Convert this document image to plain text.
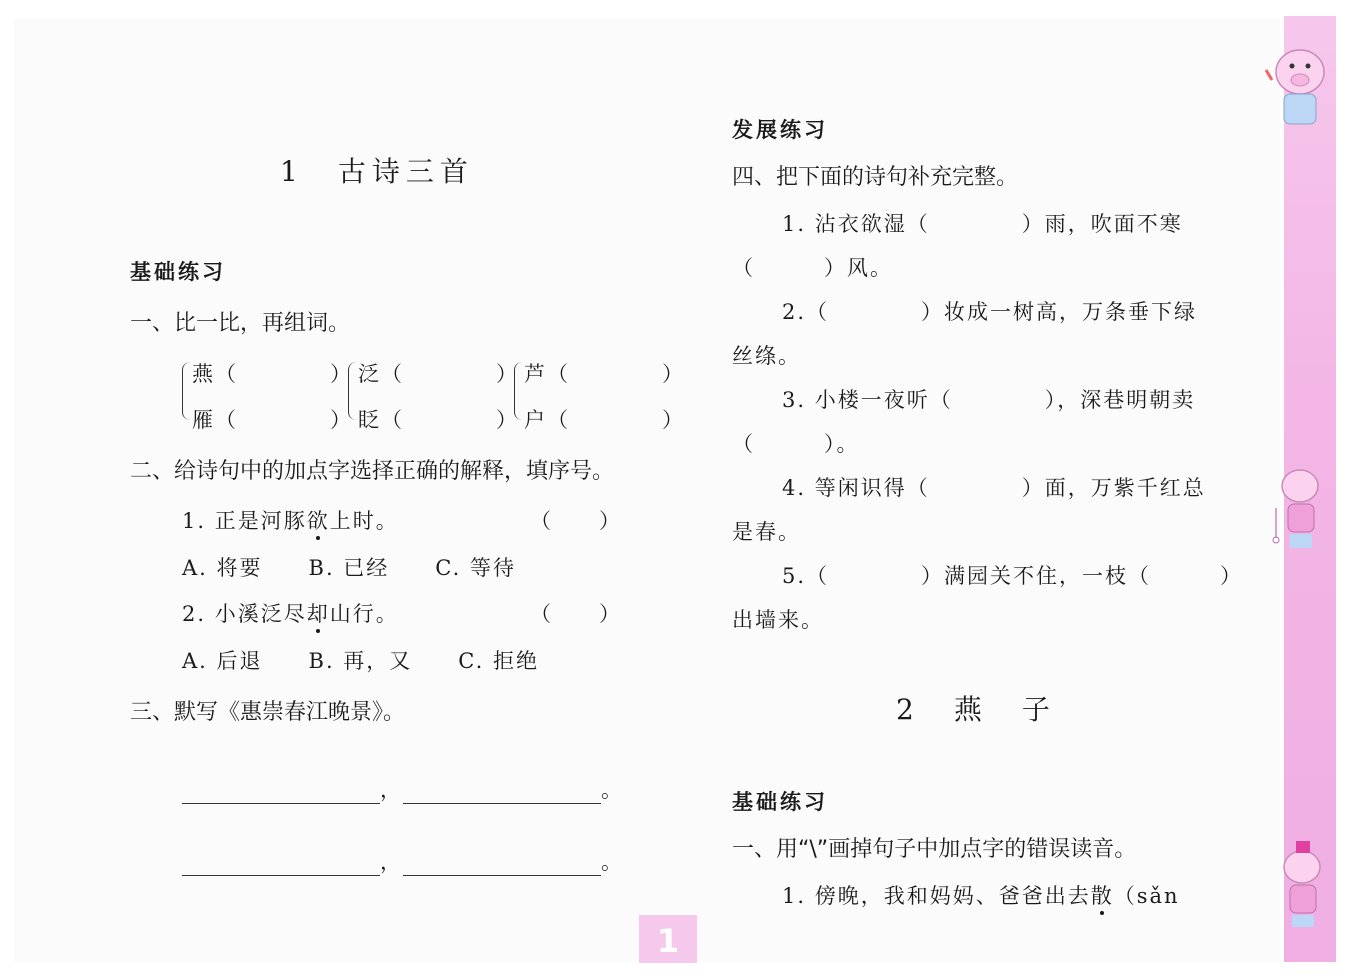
1　古诗三首
基础练习
一、比一比，再组词。
燕（　　　　）
雁（　　　　）
泛（　　　　）
眨（　　　　）
芦（　　　　）
户（　　　　）
二、给诗句中的加点字选择正确的解释，填序号。
1. 正是河豚欲上时。	（　　）
A. 将要　　B. 已经　　C. 等待
2. 小溪泛尽却山行。	（　　）
A. 后退　　B. 再，又　　C. 拒绝
三、默写《惠崇春江晚景》。
，	。
，	。
发展练习
四、把下面的诗句补充完整。
1. 沾衣欲湿（　　　　）雨，吹面不寒
（　　　）风。
2.（　　　　）妆成一树高，万条垂下绿
丝绦。
3. 小楼一夜听（　　　　），深巷明朝卖
（　　　）。
4. 等闲识得（　　　　）面，万紫千红总
是春。
5.（　　　　）满园关不住，一枝（　　　）
出墙来。
2　燕　子
基础练习
一、用“\”画掉句子中加点字的错误读音。
1. 傍晚，我和妈妈、爸爸出去散（sǎn
1
